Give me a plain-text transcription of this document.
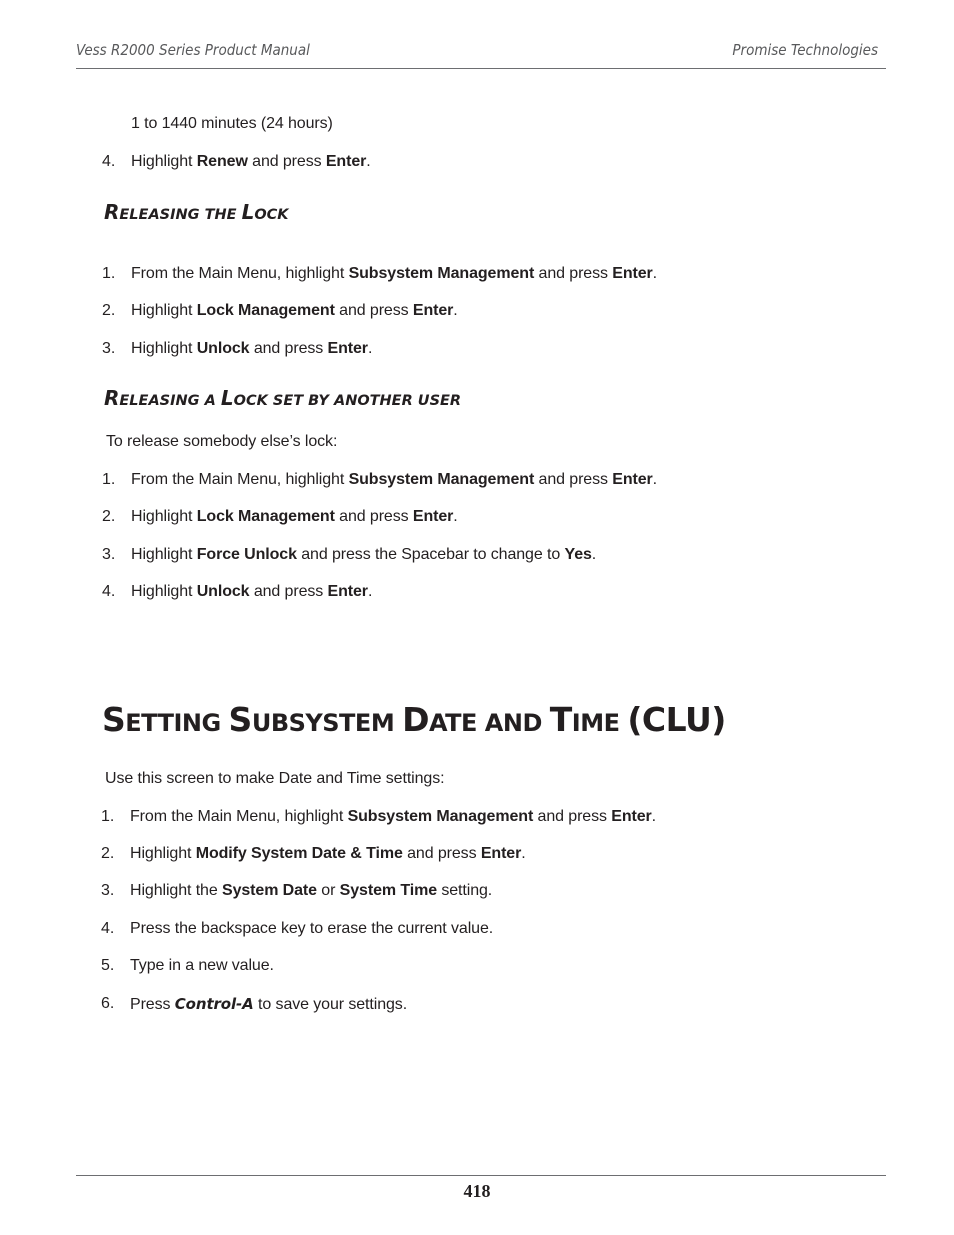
Vess R2000 Series Product Manual	Promise Technologies
1 to 1440 minutes (24 hours)
4. Highlight Renew and press Enter.
RELEASING THE LOCK
1. From the Main Menu, highlight Subsystem Management and press Enter.
2. Highlight Lock Management and press Enter.
3. Highlight Unlock and press Enter.
RELEASING A LOCK SET BY ANOTHER USER
To release somebody else’s lock:
1. From the Main Menu, highlight Subsystem Management and press Enter.
2. Highlight Lock Management and press Enter.
3. Highlight Force Unlock and press the Spacebar to change to Yes.
4. Highlight Unlock and press Enter.
SETTING SUBSYSTEM DATE AND TIME (CLU)
Use this screen to make Date and Time settings:
1. From the Main Menu, highlight Subsystem Management and press Enter.
2. Highlight Modify System Date & Time and press Enter.
3. Highlight the System Date or System Time setting.
4. Press the backspace key to erase the current value.
5. Type in a new value.
6. Press Control-A to save your settings.
418
